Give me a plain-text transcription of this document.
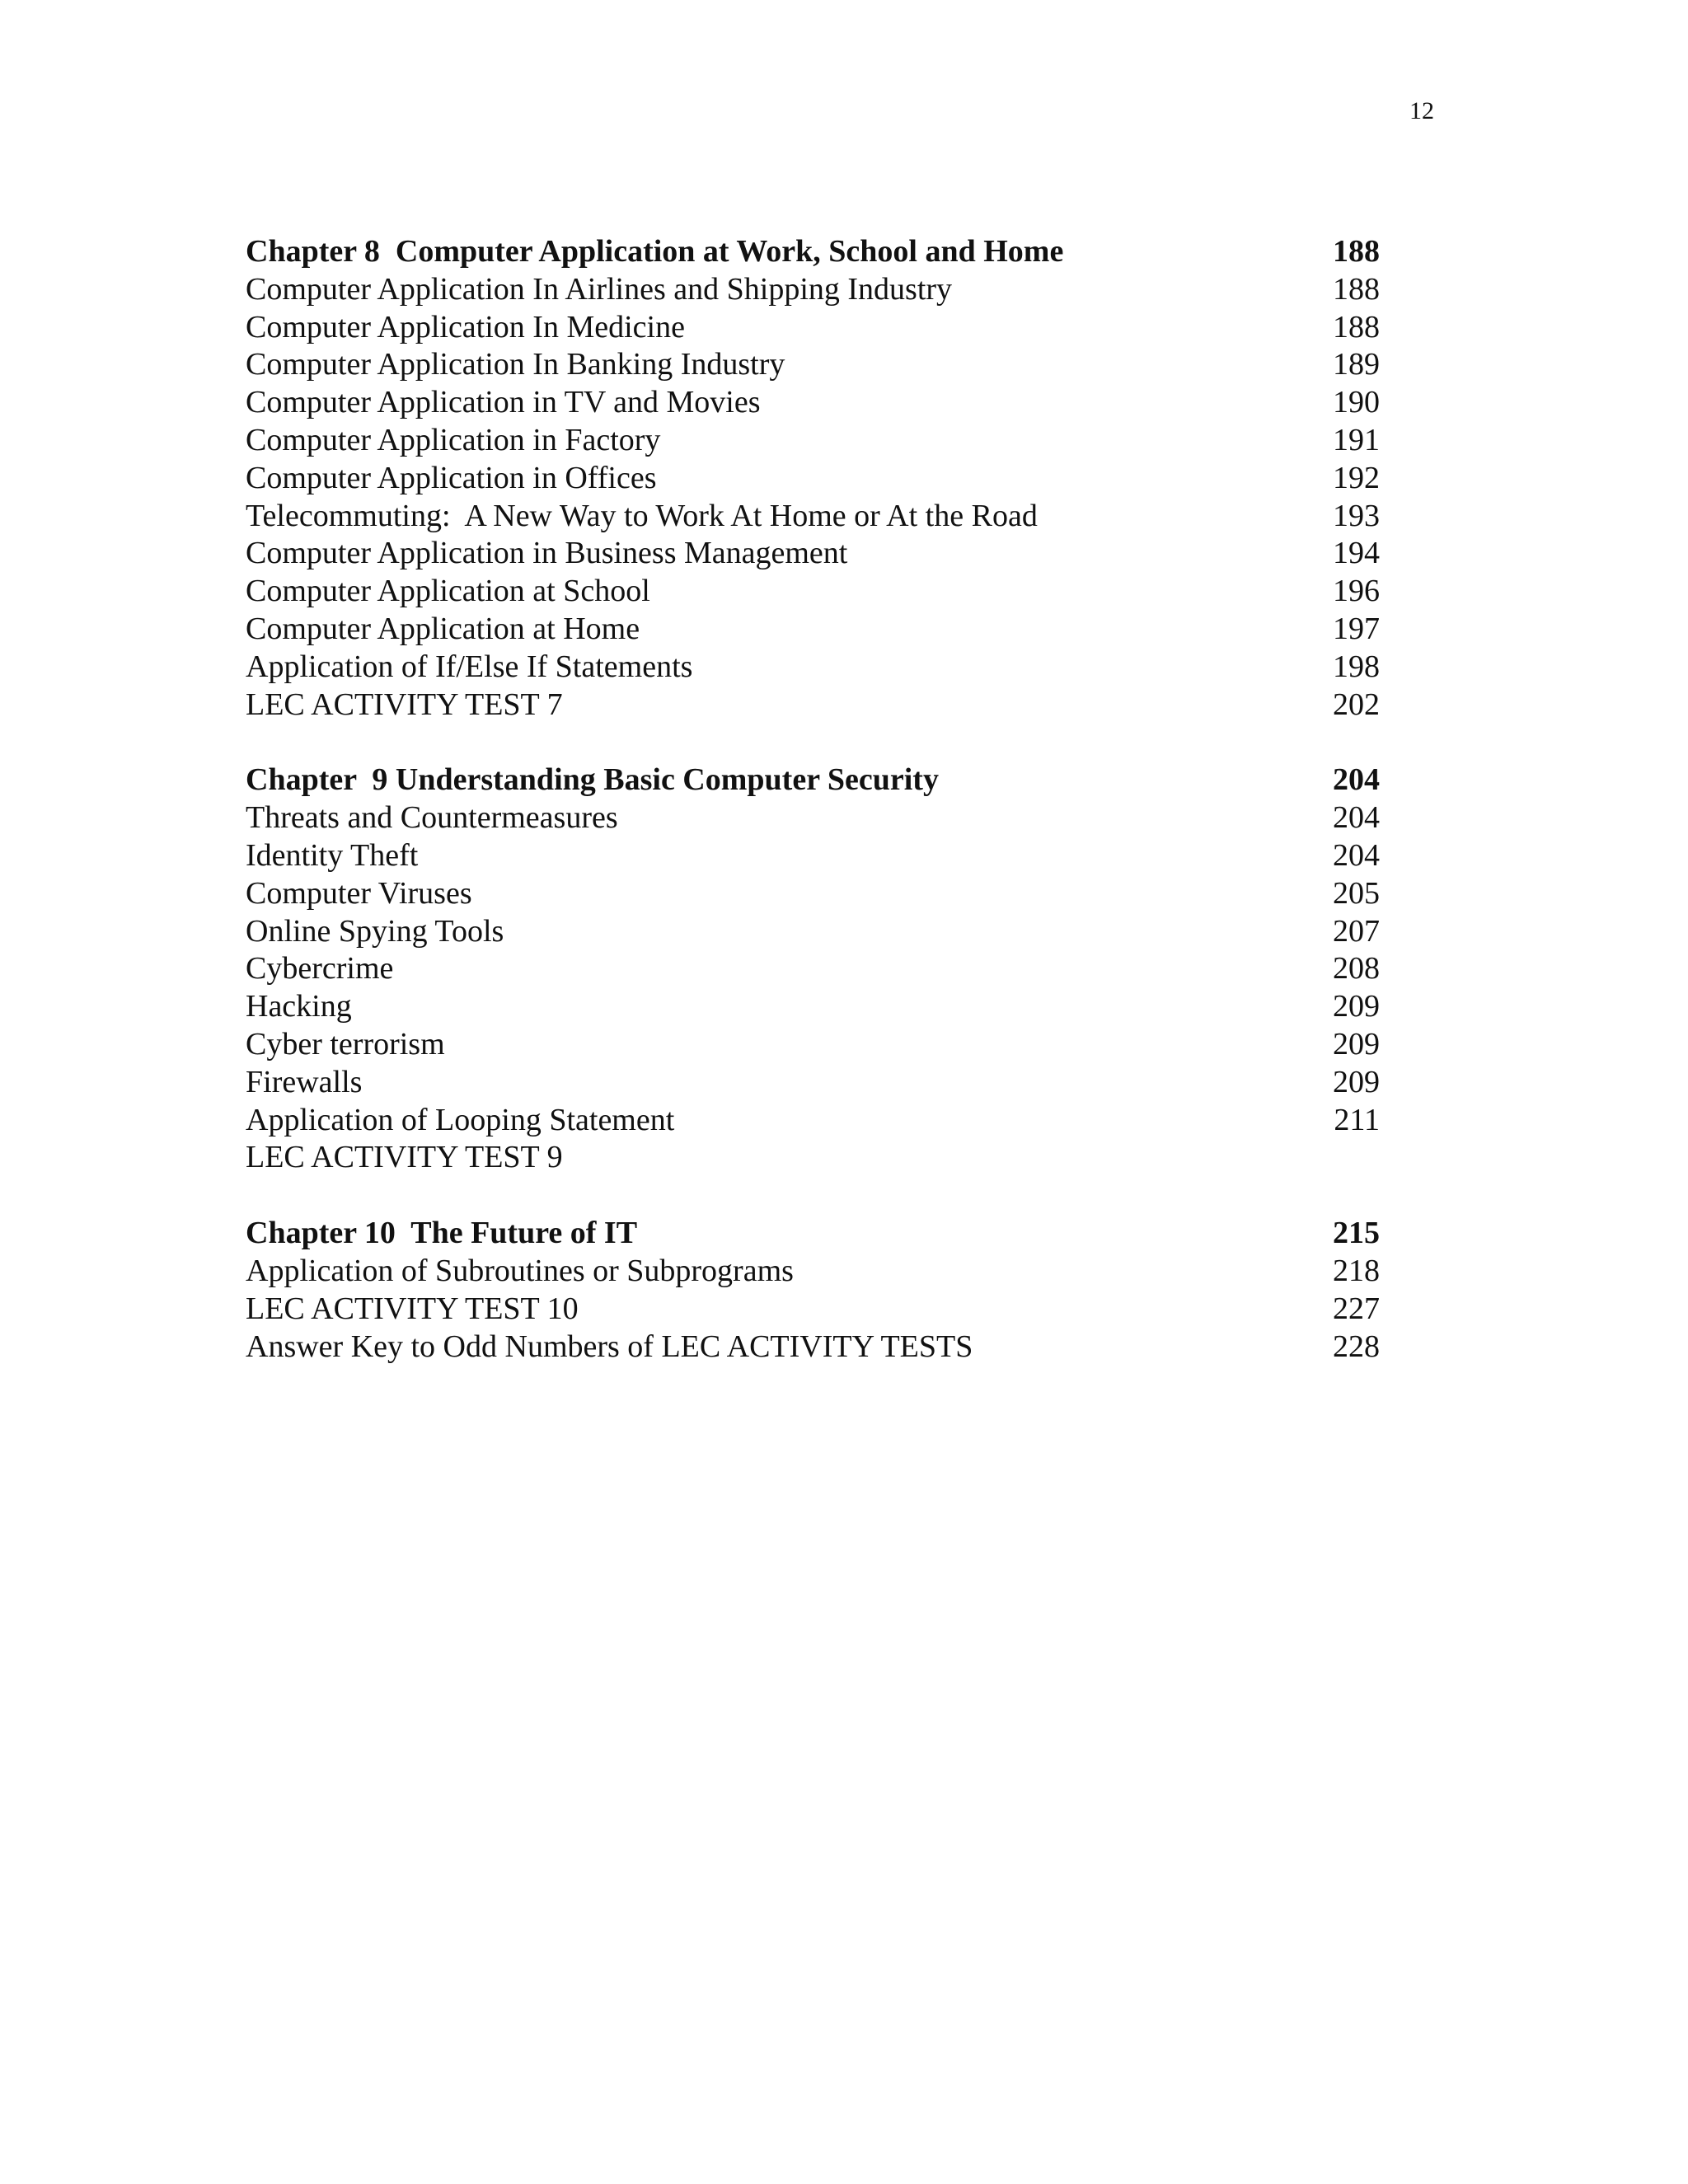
12
Chapter 8  Computer Application at Work, School and Home	188
Computer Application In Airlines and Shipping Industry	188
Computer Application In Medicine	188
Computer Application In Banking Industry	189
Computer Application in TV and Movies	190
Computer Application in Factory	191
Computer Application in Offices	192
Telecommuting:  A New Way to Work At Home or At the Road	193
Computer Application in Business Management	194
Computer Application at School	196
Computer Application at Home	197
Application of If/Else If Statements	198
LEC ACTIVITY TEST 7	202
Chapter  9 Understanding Basic Computer Security	204
Threats and Countermeasures	204
Identity Theft	204
Computer Viruses	205
Online Spying Tools	207
Cybercrime	208
Hacking	209
Cyber terrorism	209
Firewalls	209
Application of Looping Statement	211
LEC ACTIVITY TEST 9
Chapter 10  The Future of IT	215
Application of Subroutines or Subprograms	218
LEC ACTIVITY TEST 10	227
Answer Key to Odd Numbers of LEC ACTIVITY TESTS	228
